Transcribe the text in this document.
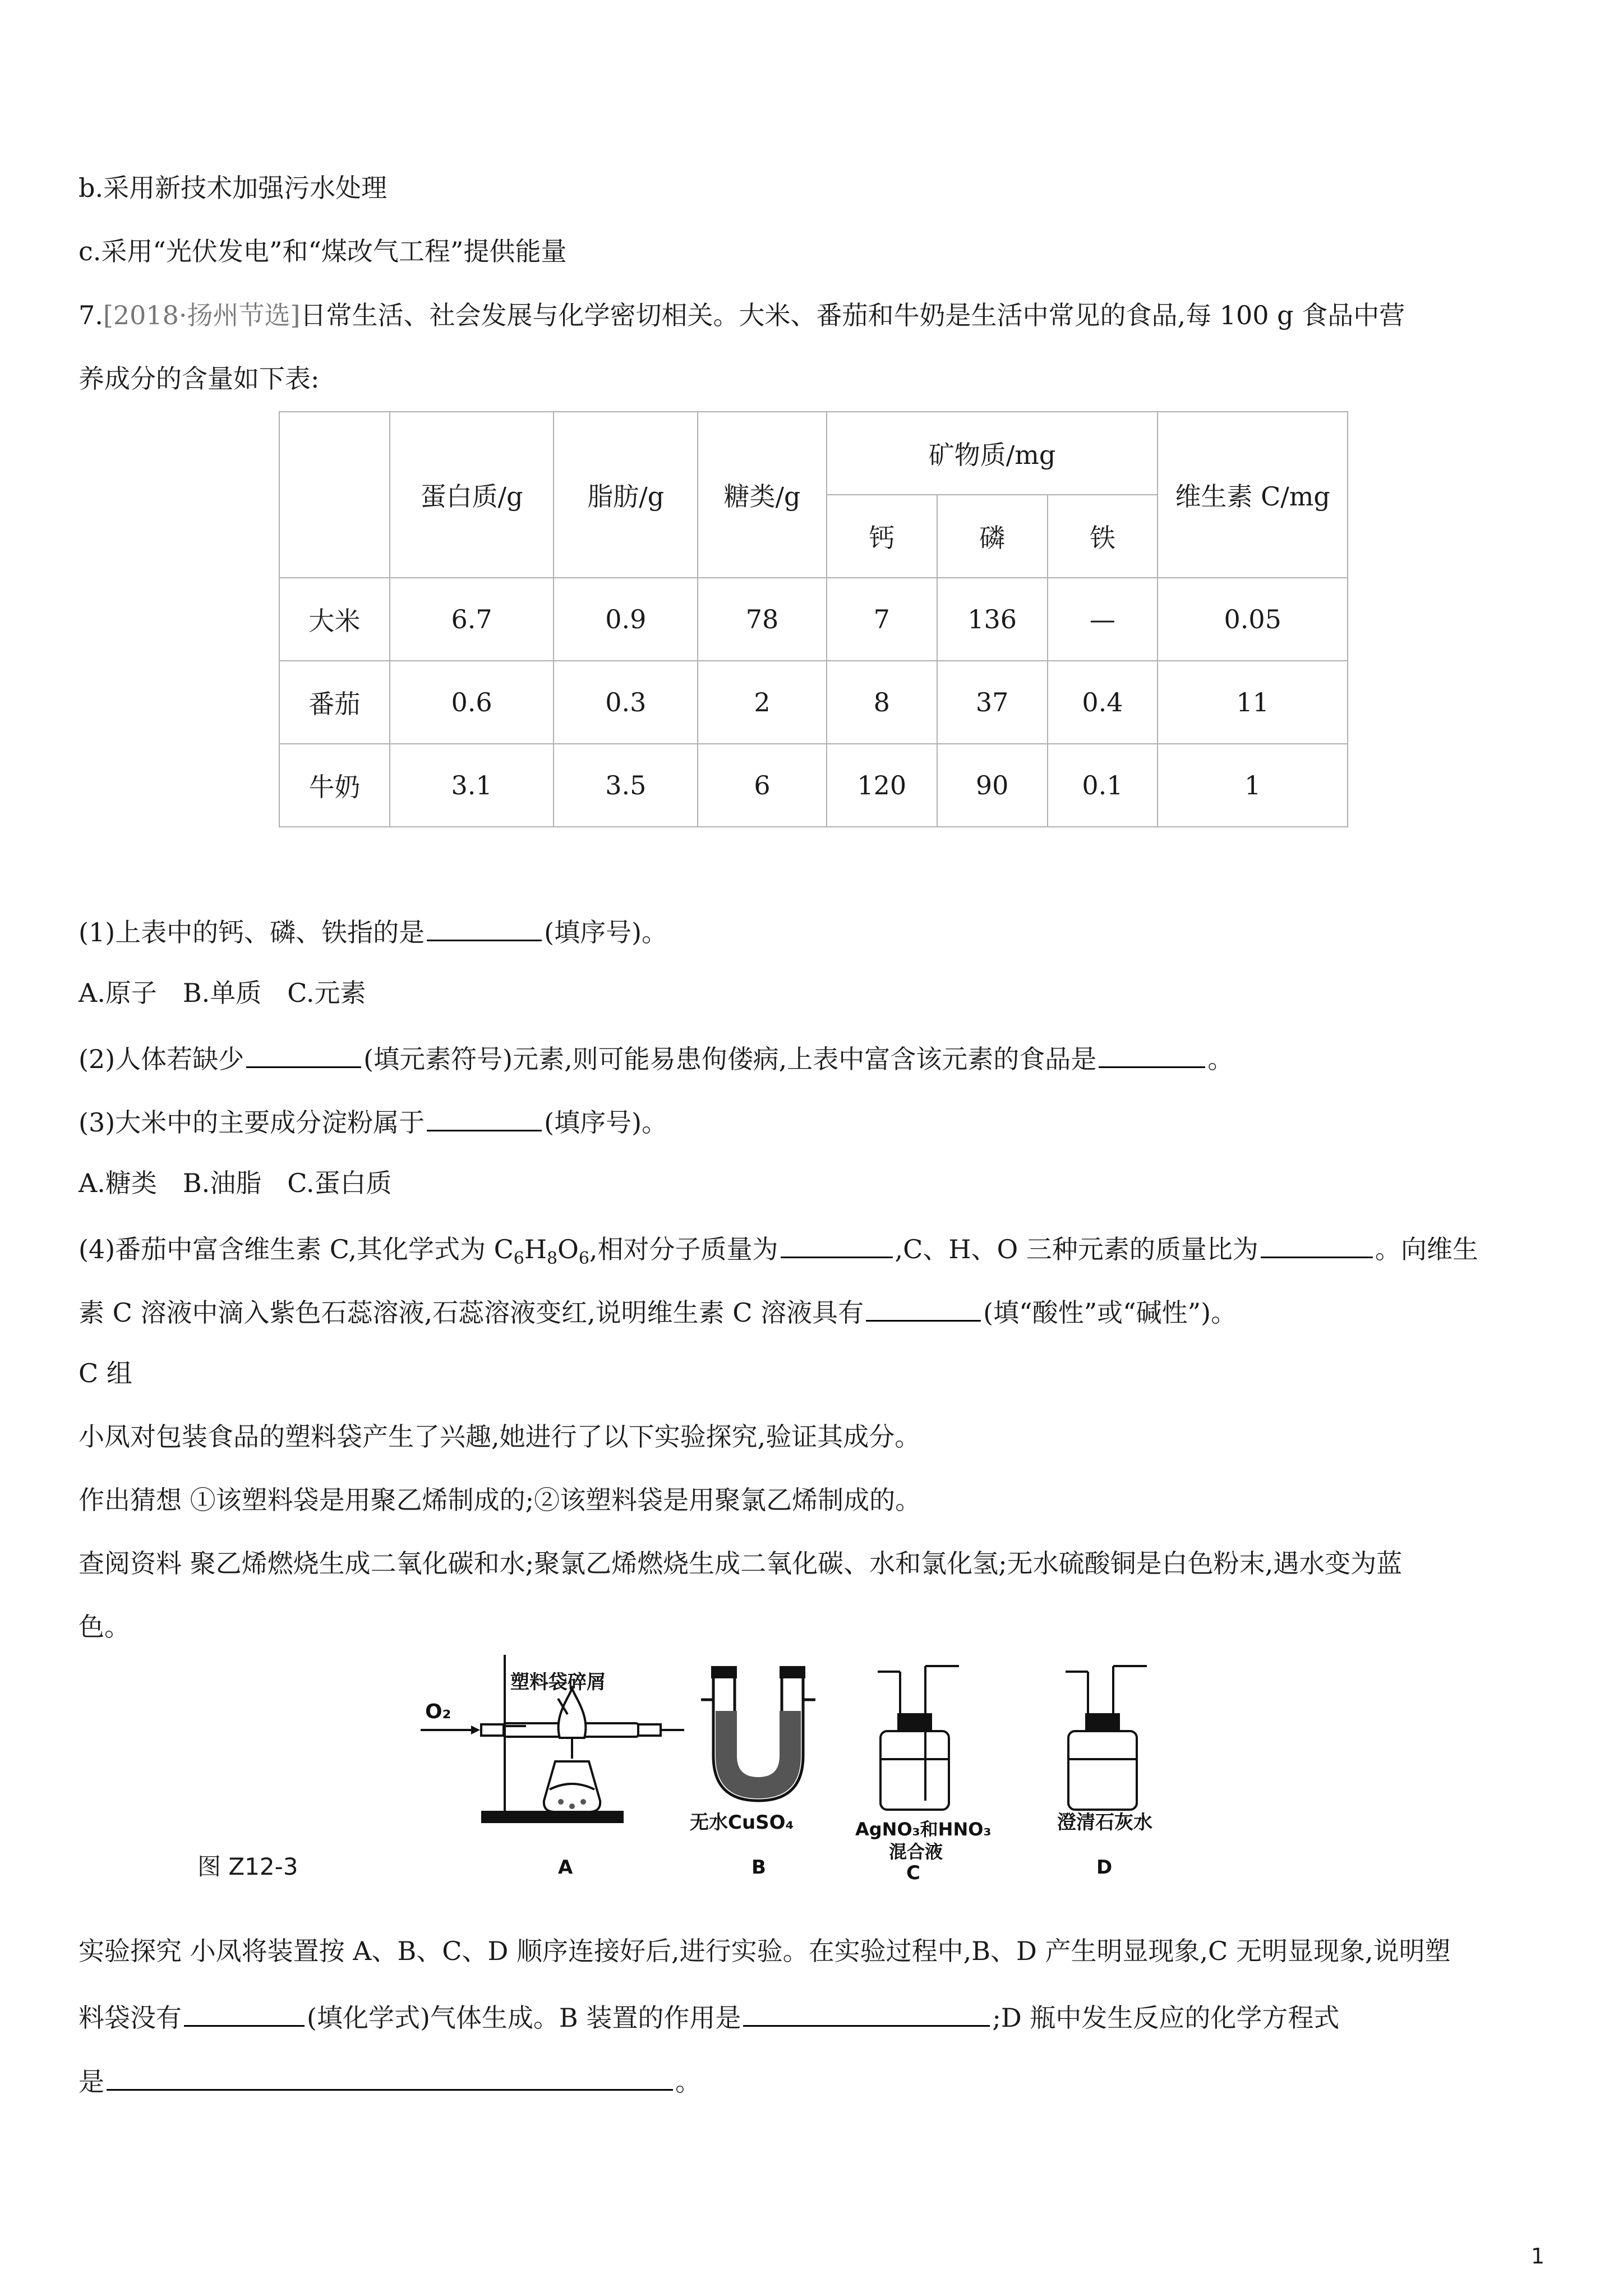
b.采用新技术加强污水处理
c.采用“光伏发电”和“煤改气工程”提供能量
7.[2018·扬州节选]日常生活、社会发展与化学密切相关。大米、番茄和牛奶是生活中常见的食品,每 100 g 食品中营
养成分的含量如下表:
	蛋白质/g	脂肪/g	糖类/g	矿物质/mg			维生素 C/mg
				钙	磷	铁	
大米	6.7	0.9	78	7	136	—	0.05
番茄	0.6	0.3	2	8	37	0.4	11
牛奶	3.1	3.5	6	120	90	0.1	1
(1)上表中的钙、磷、铁指的是	(填序号)。
A.原子　B.单质　C.元素
(2)人体若缺少	(填元素符号)元素,则可能易患佝偻病,上表中富含该元素的食品是	。
(3)大米中的主要成分淀粉属于	(填序号)。
A.糖类　B.油脂　C.蛋白质
(4)番茄中富含维生素 C,其化学式为 $C_6H_8O_6$,相对分子质量为	,C、H、O 三种元素的质量比为	。向维生
素 C 溶液中滴入紫色石蕊溶液,石蕊溶液变红,说明维生素 C 溶液具有	(填“酸性”或“碱性”)。
C 组
小凤对包装食品的塑料袋产生了兴趣,她进行了以下实验探究,验证其成分。
作出猜想 ①该塑料袋是用聚乙烯制成的;②该塑料袋是用聚氯乙烯制成的。
查阅资料 聚乙烯燃烧生成二氧化碳和水;聚氯乙烯燃烧生成二氧化碳、水和氯化氢;无水硫酸铜是白色粉末,遇水变为蓝
色。
O₂
塑料袋碎屑
A
无水CuSO₄
B
AgNO₃和HNO₃
混合液
C
澄清石灰水
D
图 Z12-3
实验探究 小凤将装置按 A、B、C、D 顺序连接好后,进行实验。在实验过程中,B、D 产生明显现象,C 无明显现象,说明塑
料袋没有	(填化学式)气体生成。B 装置的作用是	;D 瓶中发生反应的化学方程式
是	。
1
